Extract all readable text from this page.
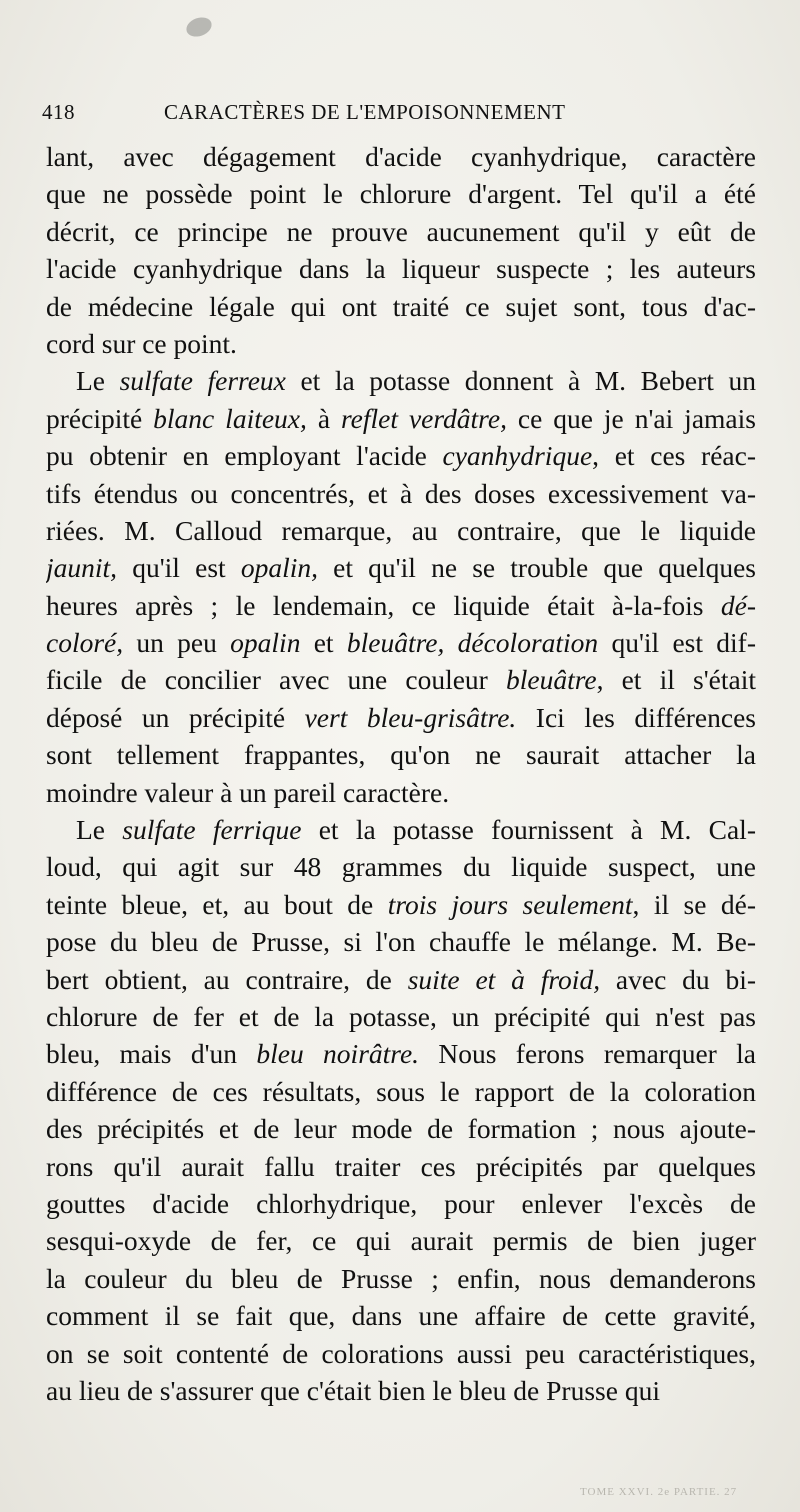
418	CARACTÈRES DE L'EMPOISONNEMENT
lant, avec dégagement d'acide cyanhydrique, caractère
que ne possède point le chlorure d'argent. Tel qu'il a été
décrit, ce principe ne prouve aucunement qu'il y eût de
l'acide cyanhydrique dans la liqueur suspecte ; les auteurs
de médecine légale qui ont traité ce sujet sont, tous d'ac-
cord sur ce point.
Le sulfate ferreux et la potasse donnent à M. Bebert un
précipité blanc laiteux, à reflet verdâtre, ce que je n'ai jamais
pu obtenir en employant l'acide cyanhydrique, et ces réac-
tifs étendus ou concentrés, et à des doses excessivement va-
riées. M. Calloud remarque, au contraire, que le liquide
jaunit, qu'il est opalin, et qu'il ne se trouble que quelques
heures après ; le lendemain, ce liquide était à-la-fois dé-
coloré, un peu opalin et bleuâtre, décoloration qu'il est dif-
ficile de concilier avec une couleur bleuâtre, et il s'était
déposé un précipité vert bleu-grisâtre. Ici les différences
sont tellement frappantes, qu'on ne saurait attacher la
moindre valeur à un pareil caractère.
Le sulfate ferrique et la potasse fournissent à M. Cal-
loud, qui agit sur 48 grammes du liquide suspect, une
teinte bleue, et, au bout de trois jours seulement, il se dé-
pose du bleu de Prusse, si l'on chauffe le mélange. M. Be-
bert obtient, au contraire, de suite et à froid, avec du bi-
chlorure de fer et de la potasse, un précipité qui n'est pas
bleu, mais d'un bleu noirâtre. Nous ferons remarquer la
différence de ces résultats, sous le rapport de la coloration
des précipités et de leur mode de formation ; nous ajoute-
rons qu'il aurait fallu traiter ces précipités par quelques
gouttes d'acide chlorhydrique, pour enlever l'excès de
sesqui-oxyde de fer, ce qui aurait permis de bien juger
la couleur du bleu de Prusse ; enfin, nous demanderons
comment il se fait que, dans une affaire de cette gravité,
on se soit contenté de colorations aussi peu caractéristiques,
au lieu de s'assurer que c'était bien le bleu de Prusse qui
TOME XXVI. 2e PARTIE. 27
